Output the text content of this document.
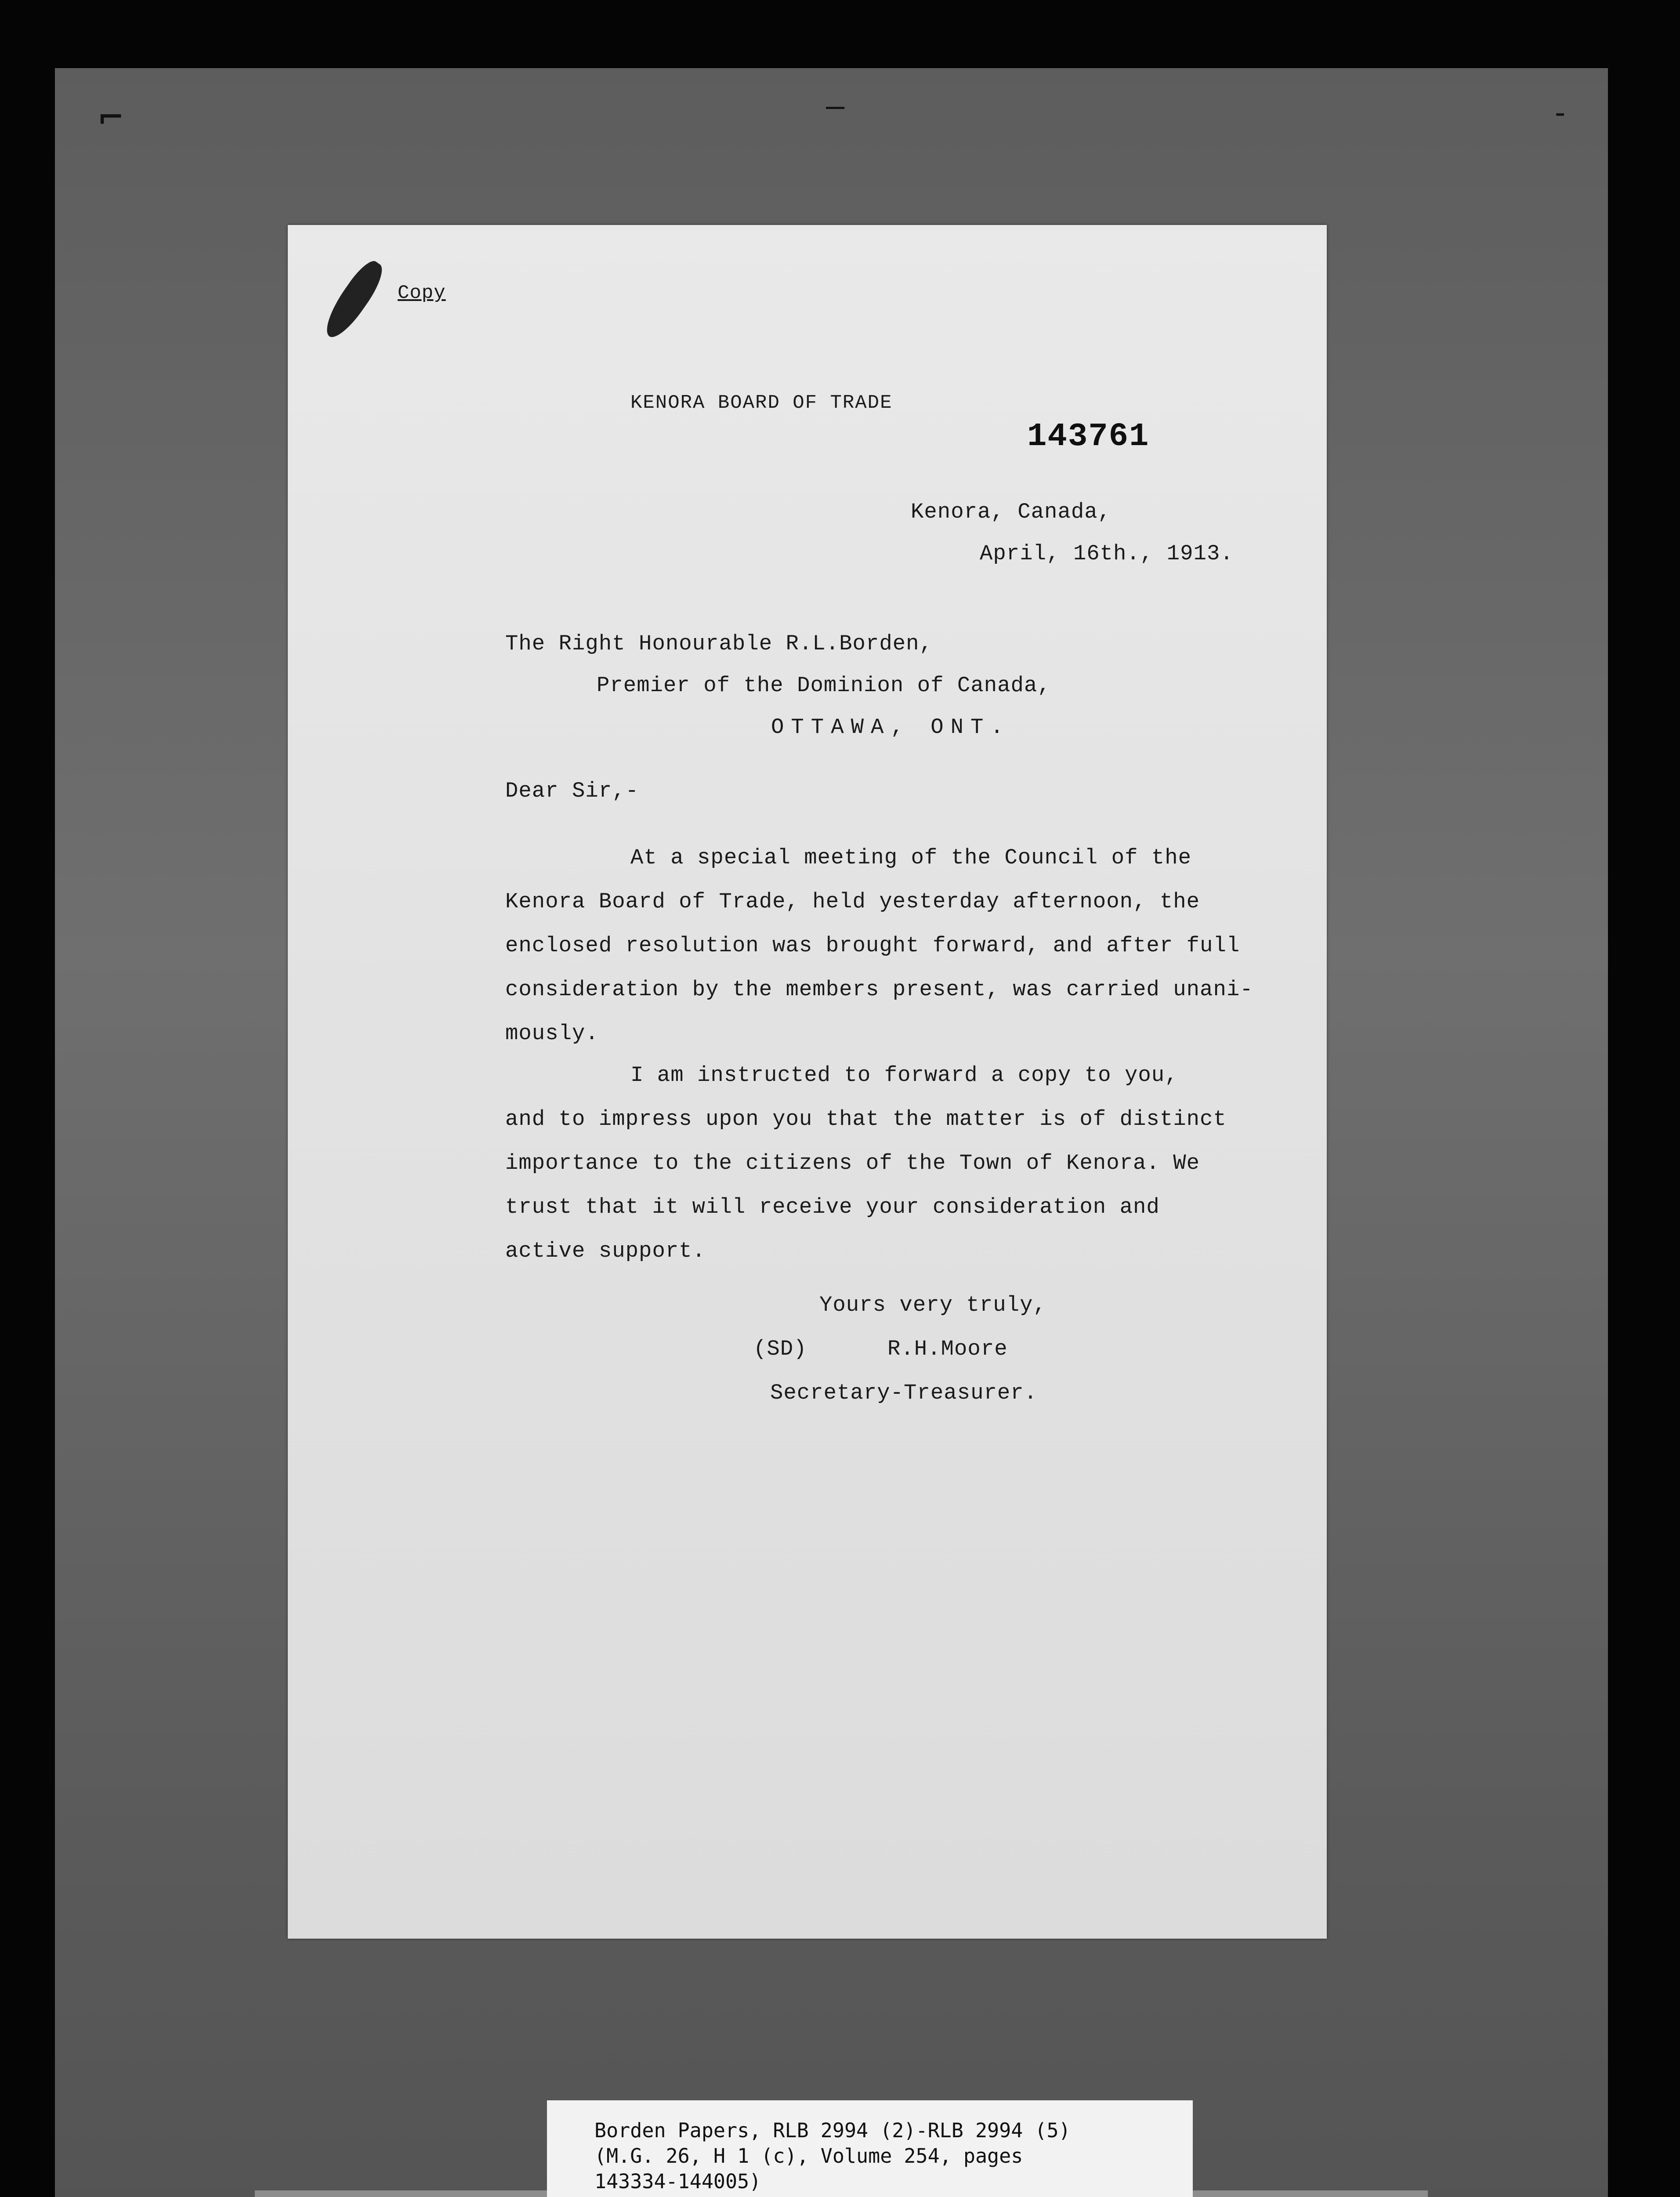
⌐	—	-
Copy
KENORA BOARD OF TRADE
143761
Kenora, Canada,
April, 16th., 1913.
The Right Honourable R.L.Borden,
Premier of the Dominion of Canada,
OTTAWA, ONT.
Dear Sir,-
At a special meeting of the Council of the
Kenora Board of Trade, held yesterday afternoon, the
enclosed resolution was brought forward, and after full
consideration by the members present, was carried unani-
mously.
I am instructed to forward a copy to you,
and to impress upon you that the matter is of distinct
importance to the citizens of the Town of Kenora. We
trust that it will receive your consideration and
active support.
Yours very truly,
(SD)	R.H.Moore
Secretary-Treasurer.
Borden Papers, RLB 2994 (2)-RLB 2994 (5)
(M.G. 26, H 1 (c), Volume 254, pages
143334-144005)
